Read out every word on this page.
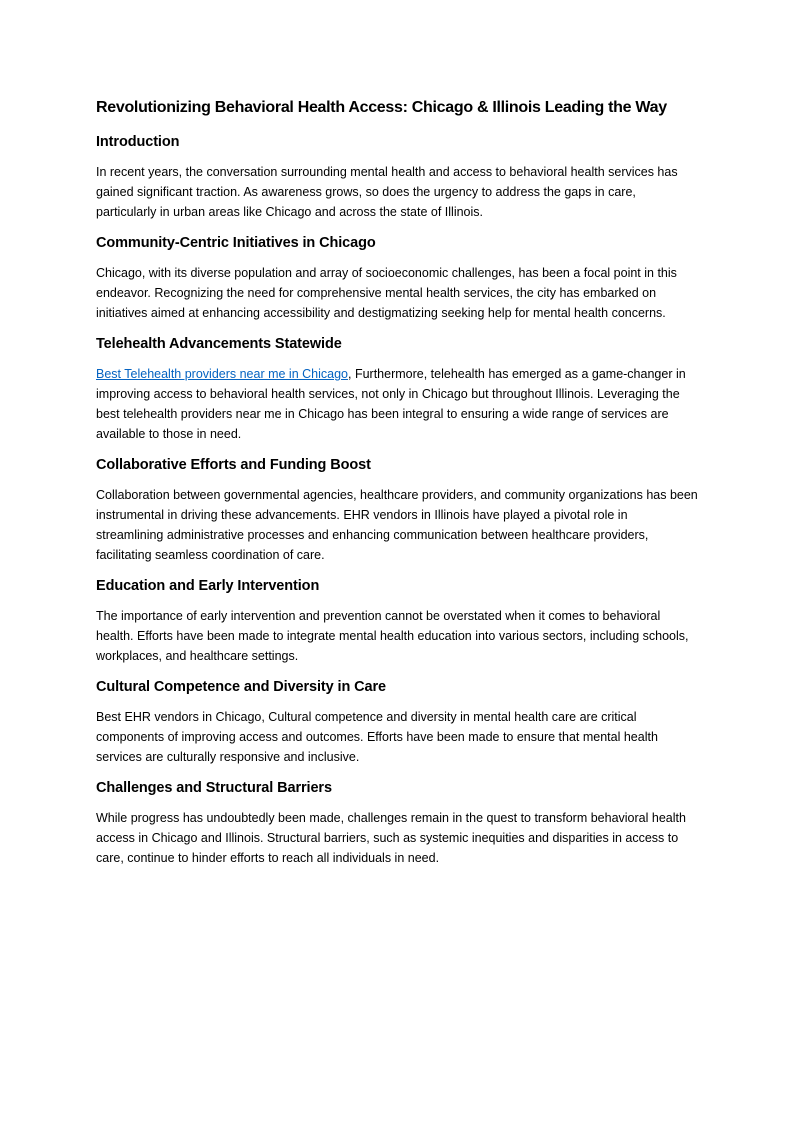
Revolutionizing Behavioral Health Access: Chicago & Illinois Leading the Way
Introduction

In recent years, the conversation surrounding mental health and access to behavioral health services has gained significant traction. As awareness grows, so does the urgency to address the gaps in care, particularly in urban areas like Chicago and across the state of Illinois.

Community-Centric Initiatives in Chicago

Chicago, with its diverse population and array of socioeconomic challenges, has been a focal point in this endeavor. Recognizing the need for comprehensive mental health services, the city has embarked on initiatives aimed at enhancing accessibility and destigmatizing seeking help for mental health concerns.

Telehealth Advancements Statewide

Best Telehealth providers near me in Chicago, Furthermore, telehealth has emerged as a game-changer in improving access to behavioral health services, not only in Chicago but throughout Illinois. Leveraging the best telehealth providers near me in Chicago has been integral to ensuring a wide range of services are available to those in need.

Collaborative Efforts and Funding Boost

Collaboration between governmental agencies, healthcare providers, and community organizations has been instrumental in driving these advancements. EHR vendors in Illinois have played a pivotal role in streamlining administrative processes and enhancing communication between healthcare providers, facilitating seamless coordination of care.

Education and Early Intervention

The importance of early intervention and prevention cannot be overstated when it comes to behavioral health. Efforts have been made to integrate mental health education into various sectors, including schools, workplaces, and healthcare settings.

Cultural Competence and Diversity in Care

Best EHR vendors in Chicago, Cultural competence and diversity in mental health care are critical components of improving access and outcomes. Efforts have been made to ensure that mental health services are culturally responsive and inclusive.

Challenges and Structural Barriers

While progress has undoubtedly been made, challenges remain in the quest to transform behavioral health access in Chicago and Illinois. Structural barriers, such as systemic inequities and disparities in access to care, continue to hinder efforts to reach all individuals in need.
